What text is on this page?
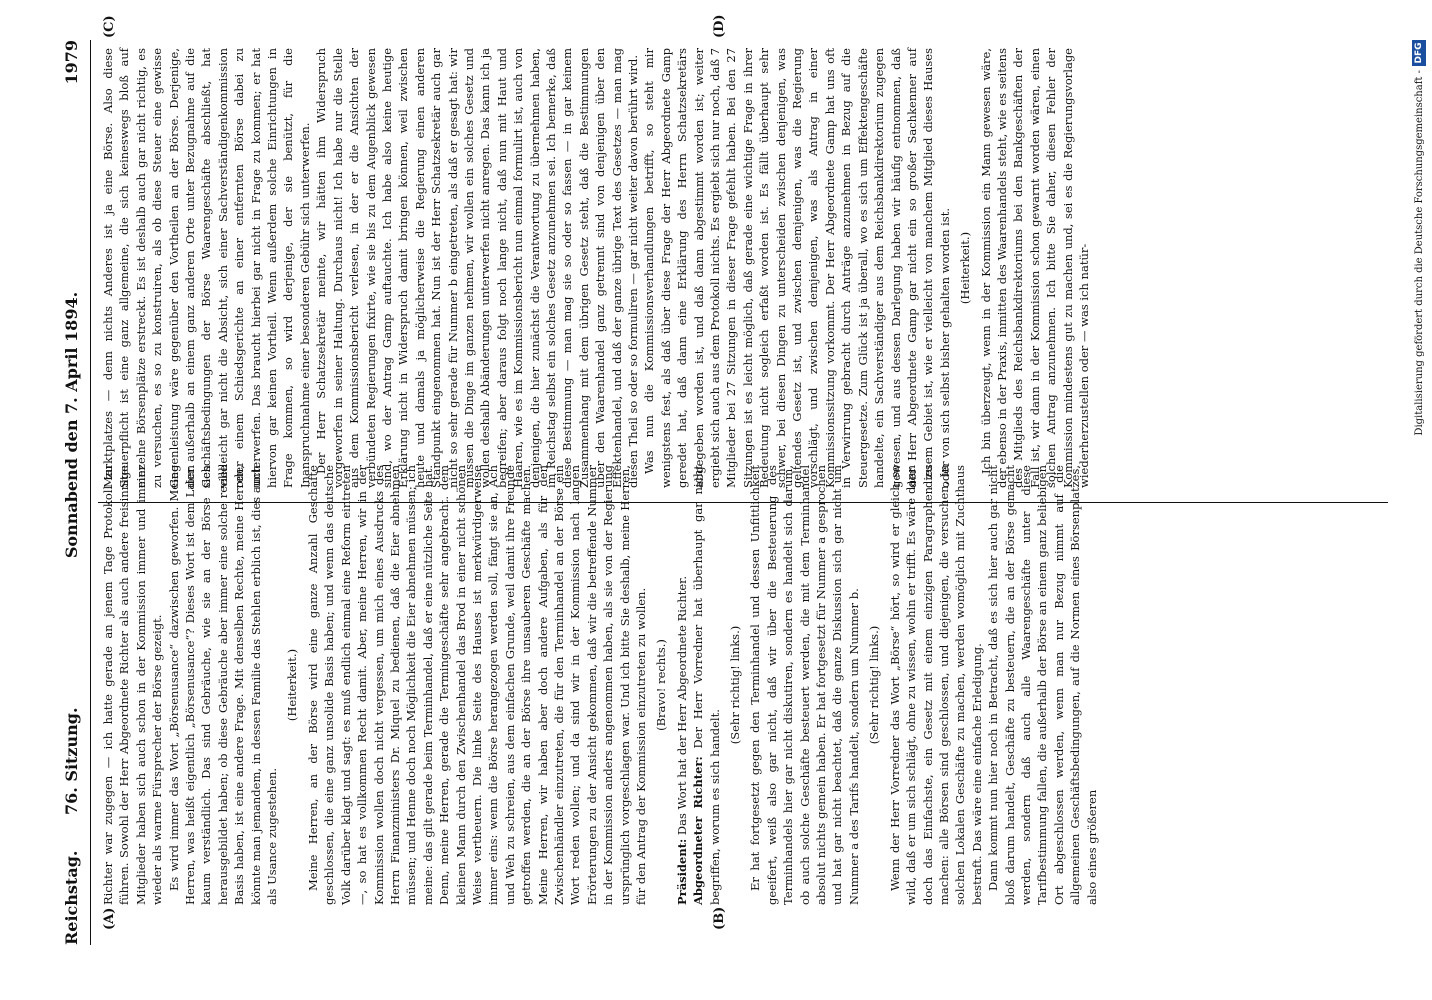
Reichstag.
76. Sitzung.
Sonnabend den 7. April 1894.
1979
(A)	(B)
(C)	(D)

Richter war zugegen — ich hatte gerade an jenem Tage Protokoll zu führen. Sowohl der Herr Abgeordnete Richter als auch andere freisinnige Mitglieder haben sich auch schon in der Kommission immer und immer wieder als warme Fürsprecher der Börse gezeigt. Es wird immer das Wort „Börsenusance“ dazwischen geworfen. Meine Herren, was heißt eigentlich „Börsenusance“? Dieses Wort ist dem Laien kaum verständlich. Das sind Gebräuche, wie sie an der Börse sich herausgebildet haben; ob diese Gebräuche aber immer eine solche reelle Basis haben, ist eine andere Frage. Mit denselben Rechte, meine Herren, könnte man jemandem, in dessen Familie das Stehlen erblich ist, dies auch als Usance zugestehen.

(Heiterkeit.) Meine Herren, an der Börse wird eine ganze Anzahl Geschäfte geschlossen, die eine ganz unsolide Basis haben; und wenn das deutsche Volk darüber klagt und sagt: es muß endlich einmal eine Reform eintreten —, so hat es vollkommen Recht damit. Aber, meine Herren, wir in der Kommission wollen doch nicht vergessen, um mich eines Ausdrucks des Herrn Finanzministers Dr. Miquel zu bedienen, daß die Eier abnehmen müssen; und Henne doch noch Möglichkeit die Eier abnehmen müssen; ich meine: das gilt gerade beim Terminhandel, daß er eine nützliche Seite hat. Denn, meine Herren, gerade die Termingeschäfte sehr angebracht. dem kleinen Mann durch den Zwischenhandel das Brod in einer nicht schönen Weise vertheuern. Die linke Seite des Hauses ist merkwürdigerweise immer eins: wenn die Börse herangezogen werden soll, fängt sie an, Ach und Weh zu schreien, aus dem einfachen Grunde, weil damit ihre Freunde getroffen werden, die an der Börse ihre unsauberen Geschäfte machen. Meine Herren, wir haben aber doch andere Aufgaben, als für den Zwischenhändler einzutreten, die für den Terminhandel an der Börse ein Wort reden wollen; und da sind wir in der Kommission nach langen Erörterungen zu der Ansicht gekommen, daß wir die betreffende Nummer in der Kommission anders angenommen haben, als sie von der Regierung ursprünglich vorgeschlagen war. Und ich bitte Sie deshalb, meine Herren, für den Antrag der Kommission einzutreten zu wollen. (Bravo! rechts.)

Präsident: Das Wort hat der Herr Abgeordnete Richter. Abgeordneter Richter: Der Herr Vorredner hat überhaupt gar nicht begriffen, worum es sich handelt.

(Sehr richtig! links.) Er hat fortgesetzt gegen den Terminhandel und dessen Unfittlichkeit geeifert, weiß also gar nicht, daß wir über die Besteuerung des Terminhandels hier gar nicht diskutiren, sondern es handelt sich darum, ob auch solche Geschäfte besteuert werden, die mit dem Terminhandel absolut nichts gemein haben. Er hat fortgesetzt für Nummer a gesprochen und hat gar nicht beachtet, daß die ganze Diskussion sich gar nicht um Nummer a des Tarifs handelt, sondern um Nummer b. (Sehr richtig! links.) Wenn der Herr Vorredner das Wort „Börse“ hört, so wird er gleich so wild, daß er um sich schlägt, ohne zu wissen, wohin er trifft. Es wäre dann doch das Einfachste, ein Gesetz mit einem einzigen Paragraphen zu machen: alle Börsen sind geschlossen, und diejenigen, die versuchen, in solchen Lokalen Geschäfte zu machen, werden womöglich mit Zuchthaus bestraft. Das wäre eine einfache Erledigung. Dann kommt nun hier noch in Betracht, daß es sich hier auch gar nicht bloß darum handelt, Geschäfte zu besteuern, die an der Börse gemacht werden, sondern daß auch alle Waarengeschäfte unter diese Tarifbestimmung fallen, die außerhalb der Börse an einem ganz beliebigen Ort abgeschlossen werden, wenn man nur Bezug nimmt auf die allgemeinen Geschäftsbedingungen, auf die Normen eines Börsenplatzes, also eines größeren

Marktplatzes — denn nichts Anderes ist ja eine Börse. Also diese Steuerpflicht ist eine ganz allgemeine, die sich keineswegs bloß auf einzelne Börsenplätze erstreckt. Es ist deshalb auch gar nicht richtig, es zu versuchen, es so zu konstruiren, als ob diese Steuer eine gewisse Gegenleistung wäre gegenüber den Vortheilen an der Börse. Derjenige, der außerhalb an einem ganz anderen Orte unter Bezugnahme auf die Geschäftsbedingungen der Börse Waarengeschäfte abschließt, hat vielleicht gar nicht die Absicht, sich einer Sachverständigenkommission oder einem Schiedsgerichte an einer entfernten Börse dabei zu unterwerfen. Das braucht hierbei gar nicht in Frage zu kommen; er hat hiervon gar keinen Vortheil. Wenn außerdem solche Einrichtungen in Frage kommen, so wird derjenige, der sie benützt, für die Inanspruchnahme einer besonderen Gebühr sich unterwerfen. Der Herr Schatzsekretär meinte, wir hätten ihm Widerspruch vorgeworfen in seiner Haltung. Durchaus nicht! Ich habe nur die Stelle aus dem Kommissionsbericht verlesen, in der er die Ansichten der verbündeten Regierungen fixirte, wie sie bis zu dem Augenblick gewesen sind, wo der Antrag Gamp auftauchte. Ich habe also keine heutige Erklärung nicht in Widerspruch damit bringen können, weil zwischen heute und damals ja möglicherweise die Regierung einen anderen Standpunkt eingenommen hat. Nun ist der Herr Schatzsekretär auch gar nicht so sehr gerade für Nummer b eingetreten, als daß er gesagt hat: wir müssen die Dinge im ganzen nehmen, wir wollen ein solches Gesetz und wollen deshalb Abänderungen unterwerfen nicht anregen. Das kann ich ja begreifen; aber daraus folgt noch lange nicht, daß nun mit Haut und Haaren, wie es im Kommissionsbericht nun einmal formulirt ist, auch von denjenigen, die hier zunächst die Verantwortung zu übernehmen haben, im Reichstag selbst ein solches Gesetz anzunehmen sei. Ich bemerke, daß diese Bestimmung — man mag sie so oder so fassen — in gar keinem Zusammenhang mit dem übrigen Gesetz steht, daß die Bestimmungen über den Waarenhandel ganz getrennt sind von denjenigen über den Effektenhandel, und daß der ganze übrige Text des Gesetzes — man mag diesen Theil so oder so formuliren — gar nicht weiter davon berührt wird. Was nun die Kommissionsverhandlungen betrifft, so steht mir wenigstens fest, als daß über diese Frage der Herr Abgeordnete Gamp geredet hat, daß dann eine Erklärung des Herrn Schatzsekretärs abgegeben worden ist, und daß dann abgestimmt worden ist; weiter ergiebt sich auch aus dem Protokoll nichts. Es ergiebt sich nur noch, daß 7 Mitglieder bei 27 Sitzungen in dieser Frage gefehlt haben. Bei den 27 Sitzungen ist es leicht möglich, daß gerade eine wichtige Frage in ihrer Bedeutung nicht sogleich erfaßt worden ist. Es fällt überhaupt sehr schwer, bei diesen Dingen zu unterscheiden zwischen denjenigen, was geltendes Gesetz ist, und zwischen demjenigen, was die Regierung vorschlägt, und zwischen demjenigen, was als Antrag in einer Kommissionssitzung vorkommt. Der Herr Abgeordnete Gamp hat uns oft in Verwirrung gebracht durch Anträge anzunehmen in Bezug auf die Steuergesetze. Zum Glück ist ja überall, wo es sich um Effektengeschäfte handelte, ein Sachverständiger aus dem Reichsbankdirektorium zugegen gewesen, und aus dessen Darlegung haben wir häufig entnommen, daß der Herr Abgeordnete Gamp gar nicht ein so großer Sachkenner auf diesem Gebiet ist, wie er vielleicht von manchem Mitglied dieses Hauses oder von sich selbst bisher gehalten worden ist. (Heiterkeit.) Ich bin überzeugt, wenn in der Kommission ein Mann gewesen wäre, der ebenso in der Praxis, inmitten des Waarenhandels steht, wie es seitens des Mitglieds des Reichsbankdirektoriums bei den Bankgeschäften der Fall ist, wir dann in der Kommission schon gewarnt worden wären, einen solchen Antrag anzunehmen. Ich bitte Sie daher, diesen Fehler der Kommission mindestens gut zu machen und, sei es die Regierungsvorlage wiederherzustellen oder — was ich natür-	Digitalisierung gefördert durch die Deutsche Forschungsgemeinschaft -
DFG
